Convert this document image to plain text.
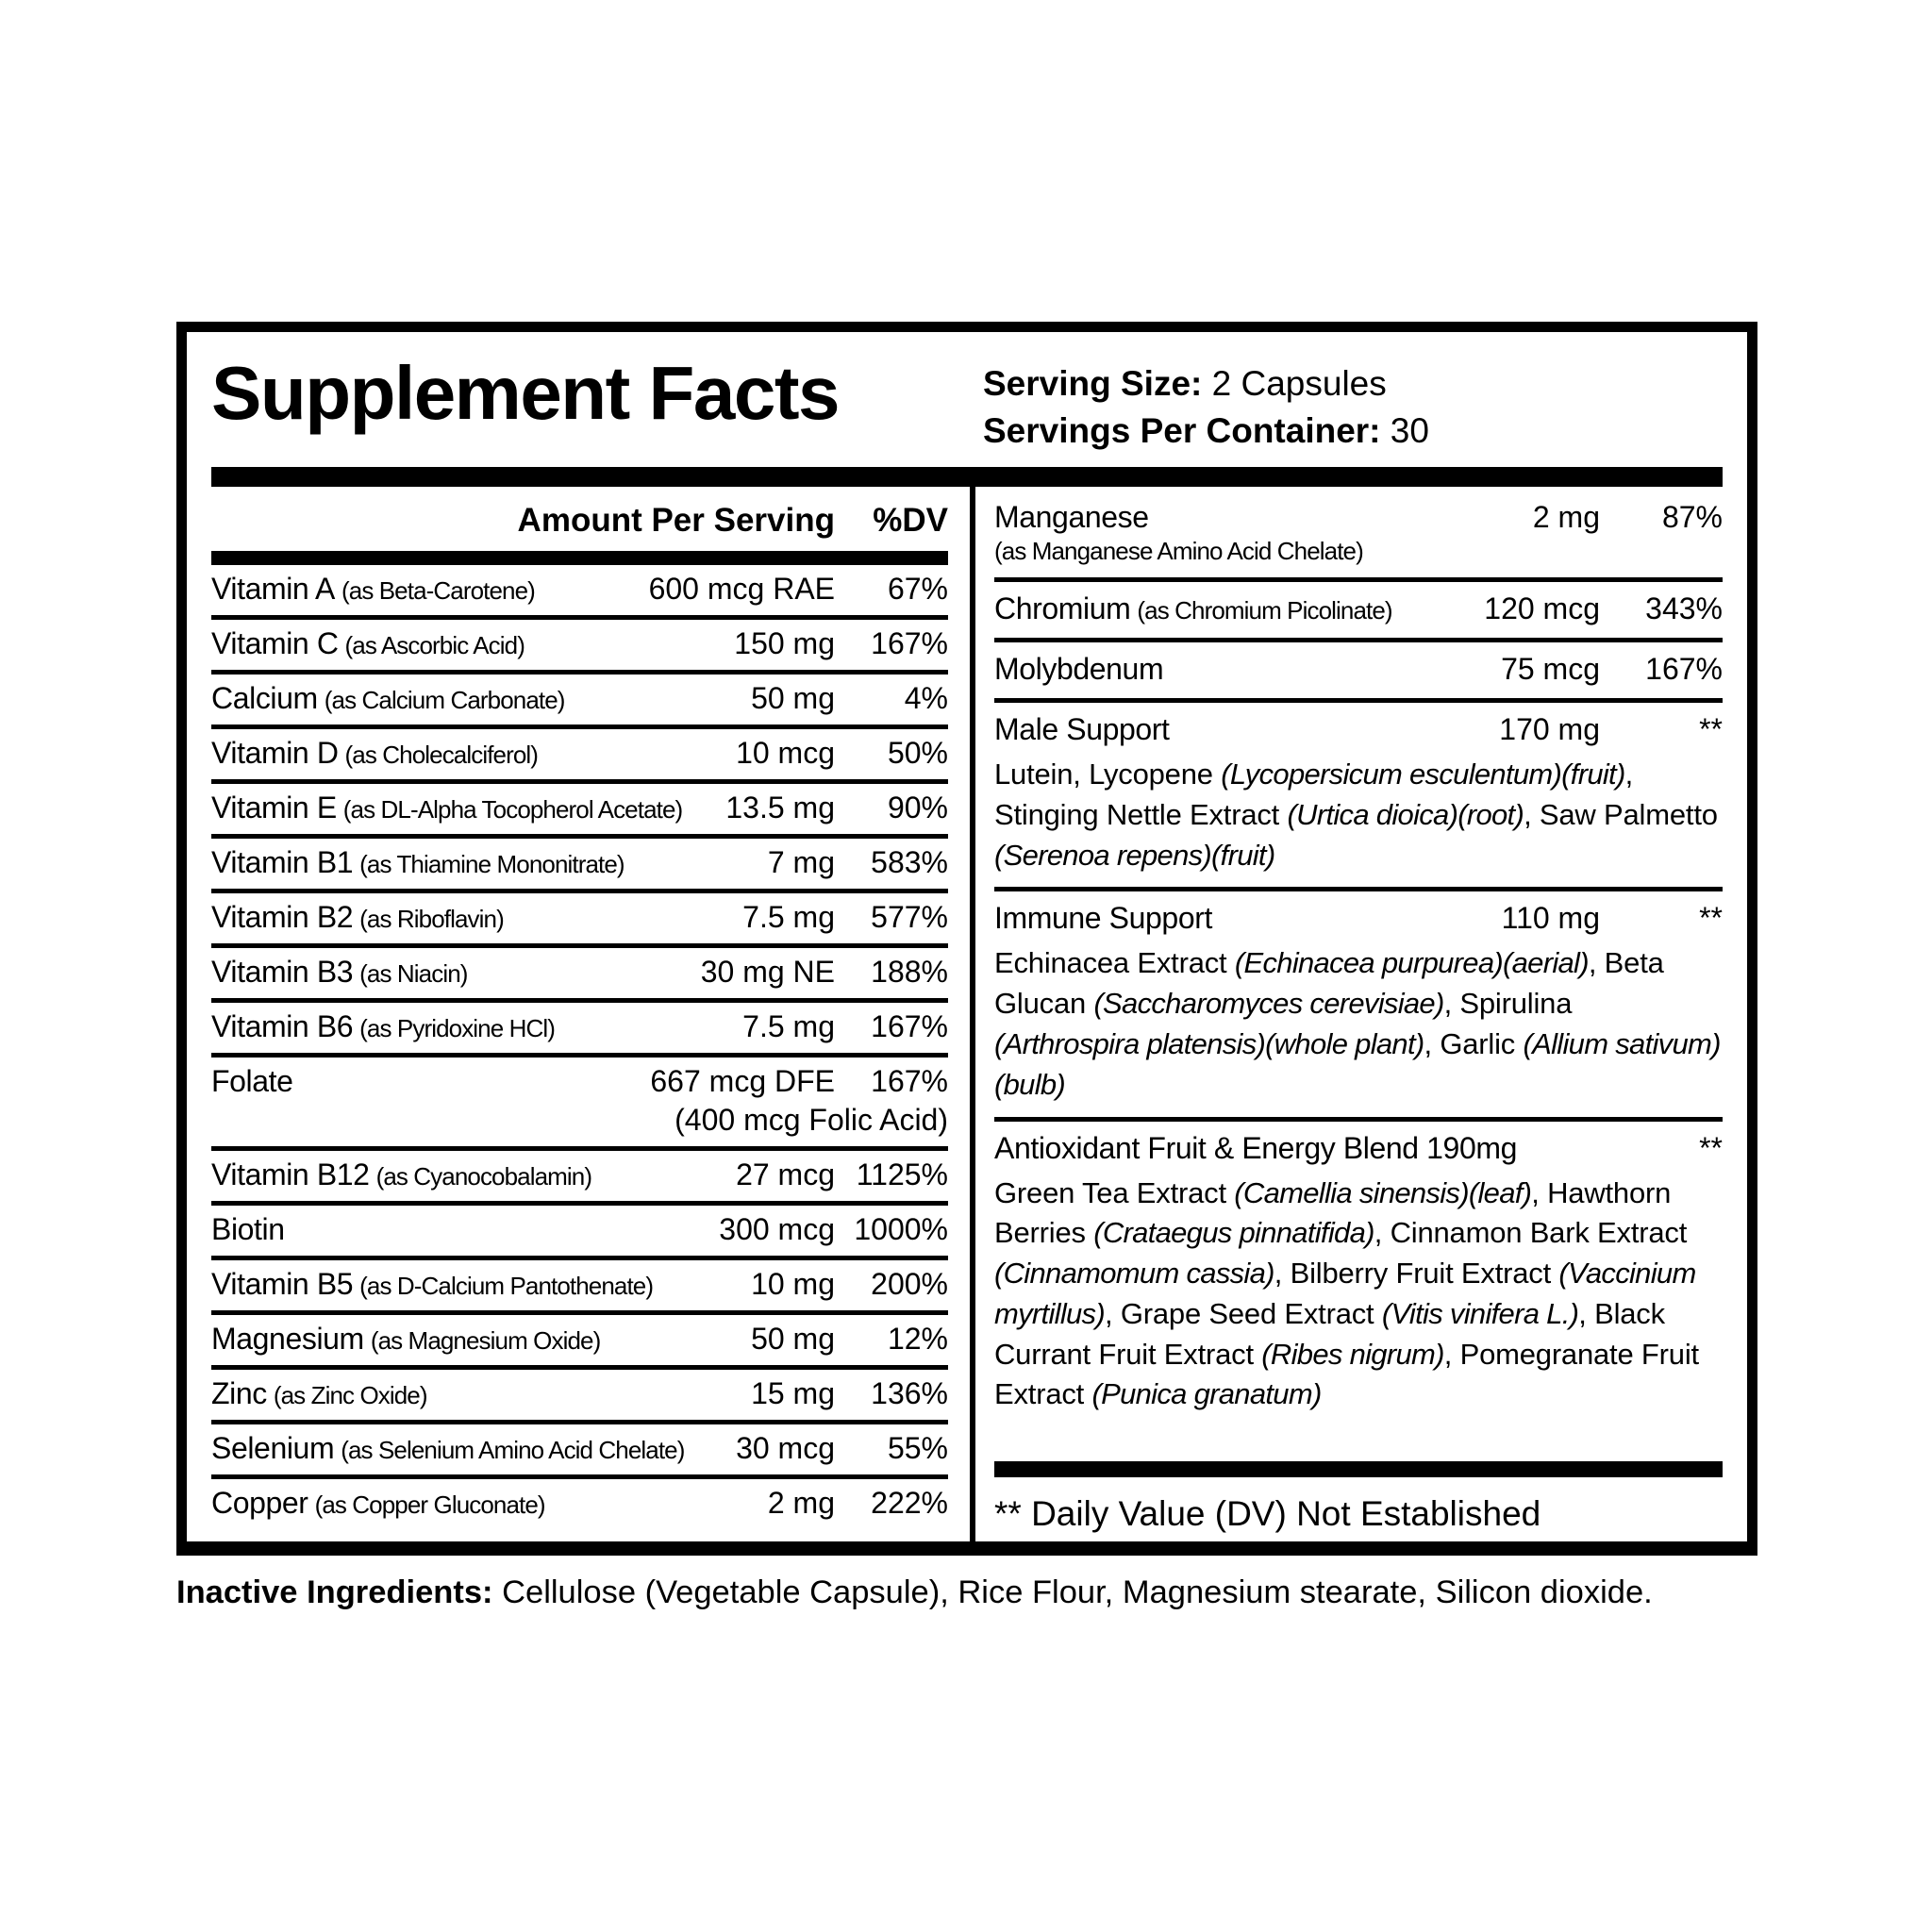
Supplement Facts	Serving Size: 2 Capsules
Servings Per Container: 30
Amount Per Serving	%DV
Vitamin A (as Beta-Carotene)	600 mcg RAE	67%
Vitamin C (as Ascorbic Acid)	150 mg	167%
Calcium (as Calcium Carbonate)	50 mg	4%
Vitamin D (as Cholecalciferol)	10 mcg	50%
Vitamin E (as DL-Alpha Tocopherol Acetate)	13.5 mg	90%
Vitamin B1 (as Thiamine Mononitrate)	7 mg	583%
Vitamin B2 (as Riboflavin)	7.5 mg	577%
Vitamin B3 (as Niacin)	30 mg NE	188%
Vitamin B6 (as Pyridoxine HCl)	7.5 mg	167%
Folate	667 mcg DFE	167%
(400 mcg Folic Acid)
Vitamin B12 (as Cyanocobalamin)	27 mcg 1125%
Biotin	300 mcg 1000%
Vitamin B5 (as D-Calcium Pantothenate)	10 mg	200%
Magnesium (as Magnesium Oxide)	50 mg	12%
Zinc (as Zinc Oxide)	15 mg	136%
Selenium (as Selenium Amino Acid Chelate)	30 mcg	55%
Copper (as Copper Gluconate)	2 mg	222%
Manganese	2 mg	87%
(as Manganese Amino Acid Chelate)
Chromium (as Chromium Picolinate)	120 mcg	343%
Molybdenum	75 mcg	167%
Male Support	170 mg	**
Lutein, Lycopene (Lycopersicum esculentum)(fruit), Stinging Nettle Extract (Urtica dioica)(root), Saw Palmetto (Serenoa repens)(fruit)
Immune Support	110 mg	**
Echinacea Extract (Echinacea purpurea)(aerial), Beta Glucan (Saccharomyces cerevisiae), Spirulina (Arthrospira platensis)(whole plant), Garlic (Allium sativum)(bulb)
Antioxidant Fruit & Energy Blend 190mg	**
Green Tea Extract (Camellia sinensis)(leaf), Hawthorn Berries (Crataegus pinnatifida), Cinnamon Bark Extract (Cinnamomum cassia), Bilberry Fruit Extract (Vaccinium myrtillus), Grape Seed Extract (Vitis vinifera L.), Black Currant Fruit Extract (Ribes nigrum), Pomegranate Fruit Extract (Punica granatum)
** Daily Value (DV) Not Established

Inactive Ingredients: Cellulose (Vegetable Capsule), Rice Flour, Magnesium stearate, Silicon dioxide.
